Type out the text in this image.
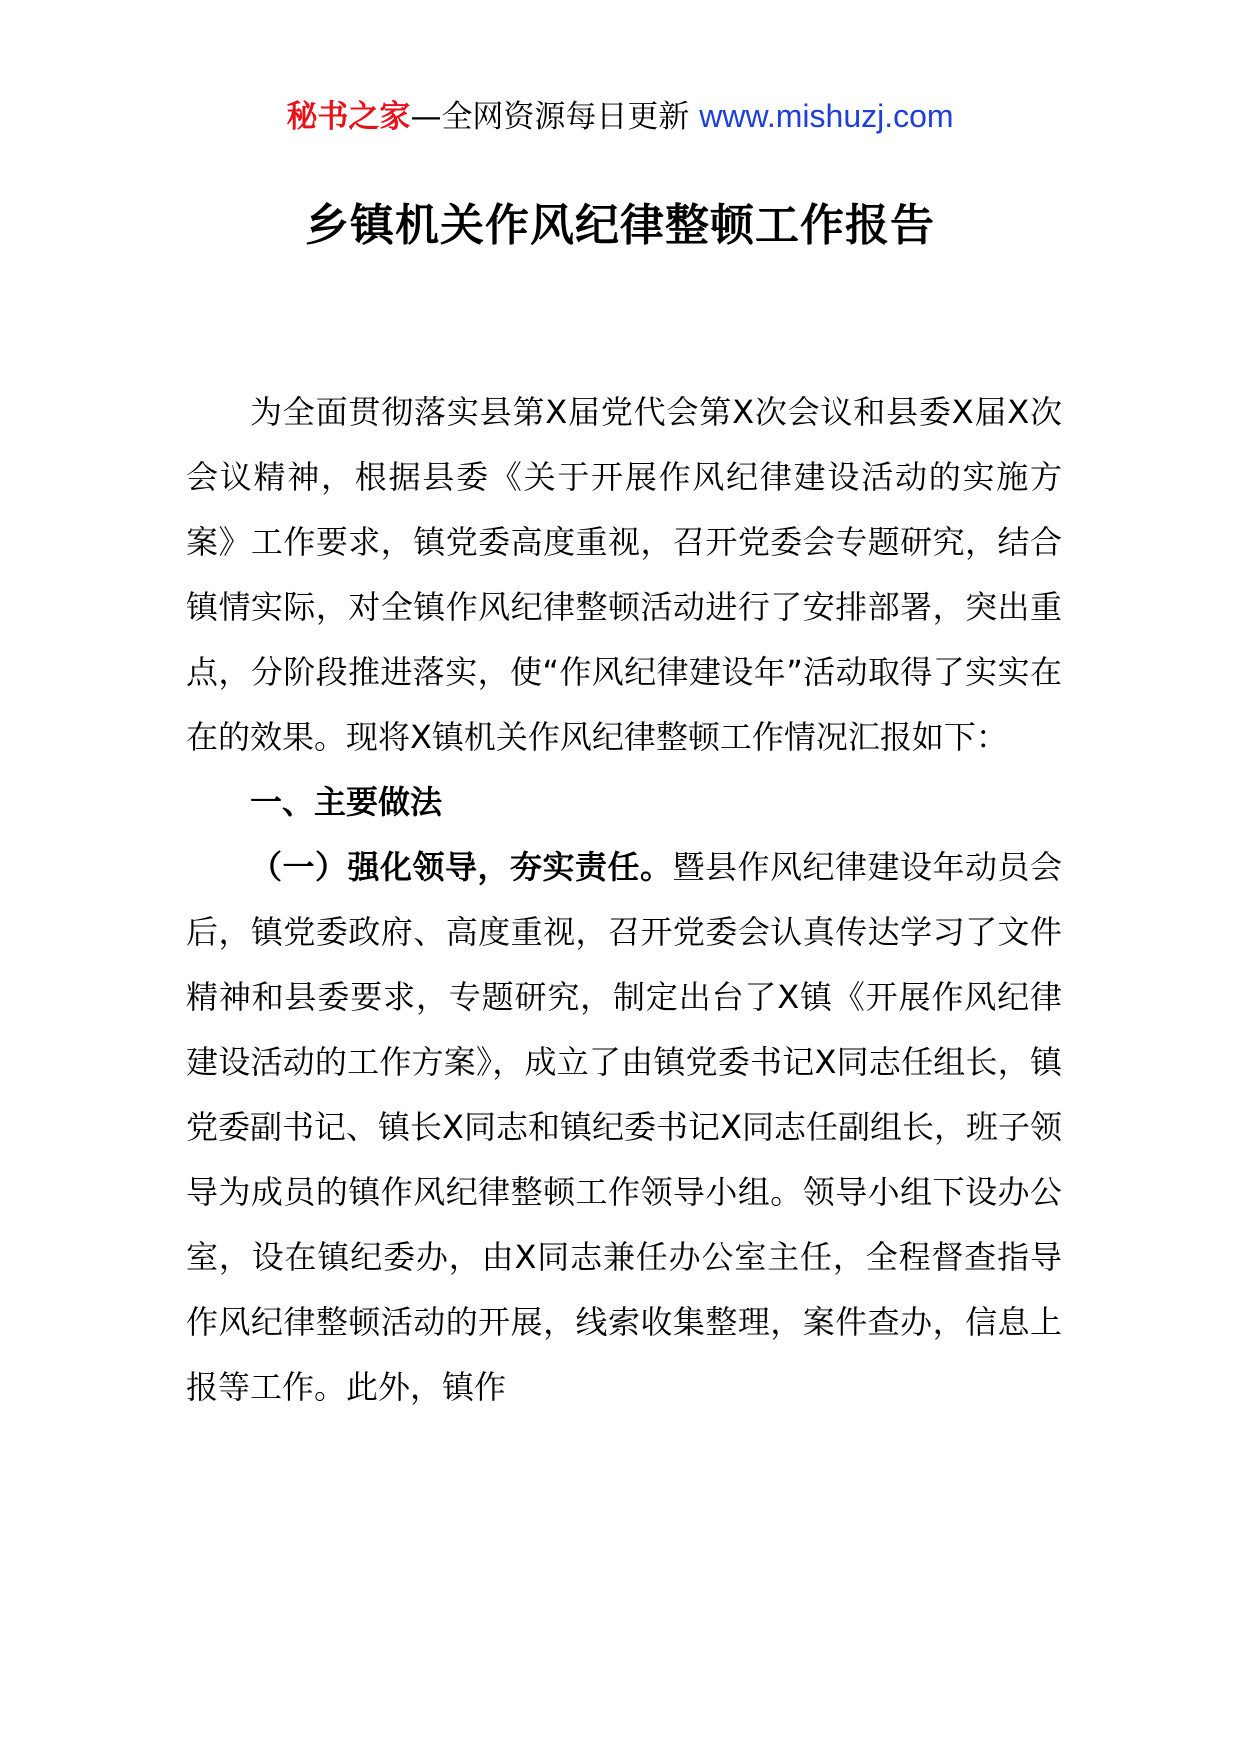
秘书之家—全网资源每日更新 www.mishuzj.com
乡镇机关作风纪律整顿工作报告

为全面贯彻落实县第X届党代会第X次会议和县委X届X次会议精神，根据县委《关于开展作风纪律建设活动的实施方案》工作要求，镇党委高度重视，召开党委会专题研究，结合镇情实际，对全镇作风纪律整顿活动进行了安排部署，突出重点，分阶段推进落实，使“作风纪律建设年”活动取得了实实在在的效果。现将X镇机关作风纪律整顿工作情况汇报如下：

一、主要做法

（一）强化领导，夯实责任。暨县作风纪律建设年动员会后，镇党委政府、高度重视，召开党委会认真传达学习了文件精神和县委要求，专题研究，制定出台了X镇《开展作风纪律建设活动的工作方案》，成立了由镇党委书记X同志任组长，镇党委副书记、镇长X同志和镇纪委书记X同志任副组长，班子领导为成员的镇作风纪律整顿工作领导小组。领导小组下设办公室，设在镇纪委办，由X同志兼任办公室主任，全程督查指导作风纪律整顿活动的开展，线索收集整理，案件查办，信息上报等工作。此外，镇作
